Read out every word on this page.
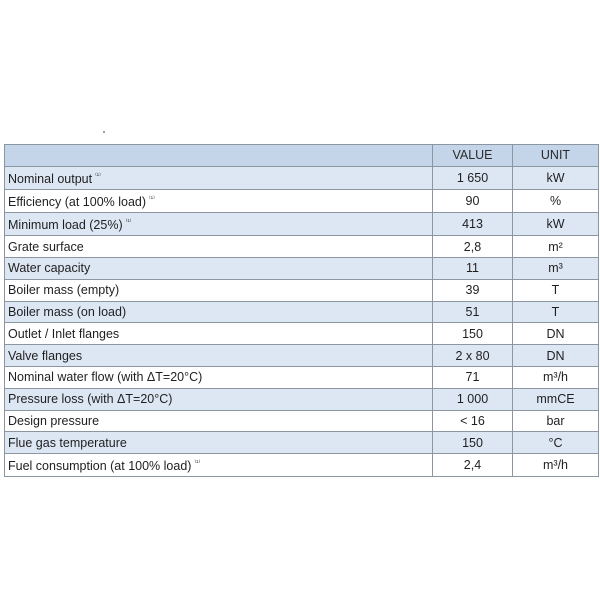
	VALUE	UNIT
Nominal output $^{^{(1)}}$	1 650	kW
Efficiency (at 100% load) $^{^{(1)}}$	90	%
Minimum load (25%) $^{^{(1)}}$	413	kW
Grate surface	2,8	m²
Water capacity	11	m³
Boiler mass (empty)	39	T
Boiler mass (on load)	51	T
Outlet / Inlet flanges	150	DN
Valve flanges	2 x 80	DN
Nominal water flow (with ΔT=20°C)	71	m³/h
Pressure loss (with ΔT=20°C)	1 000	mmCE
Design pressure	< 16	bar
Flue gas temperature	150	°C
Fuel consumption (at 100% load) $^{^{(1)}}$	2,4	m³/h
